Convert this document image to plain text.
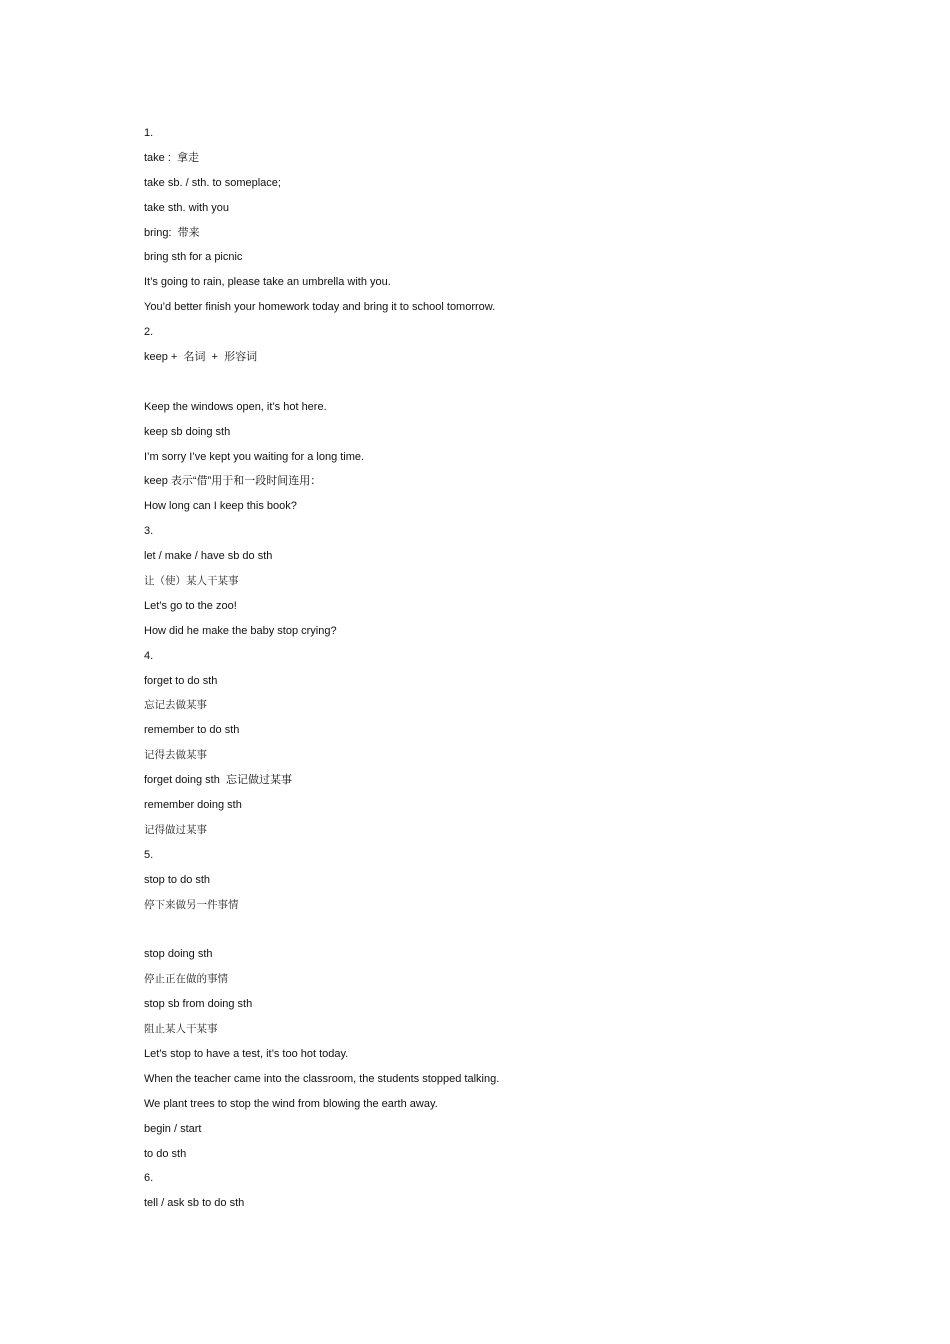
1.
take :  拿走
take sb. / sth. to someplace;
take sth. with you
bring:  带来
bring sth for a picnic
It’s going to rain, please take an umbrella with you.
You’d better finish your homework today and bring it to school tomorrow.
2.
keep +  名词  +  形容词
Keep the windows open, it’s hot here.
keep sb doing sth
I’m sorry I’ve kept you waiting for a long time.
keep 表示“借”用于和一段时间连用：
How long can I keep this book?
3.
let / make / have sb do sth
让（使）某人干某事
Let’s go to the zoo!
How did he make the baby stop crying?
4.
forget to do sth
忘记去做某事
remember to do sth
记得去做某事
forget doing sth  忘记做过某事
remember doing sth
记得做过某事
5.
stop to do sth
停下来做另一件事情
stop doing sth
停止正在做的事情
stop sb from doing sth
阻止某人干某事
Let’s stop to have a test, it’s too hot today.
When the teacher came into the classroom, the students stopped talking.
We plant trees to stop the wind from blowing the earth away.
begin / start
to do sth
6.
tell / ask sb to do sth
